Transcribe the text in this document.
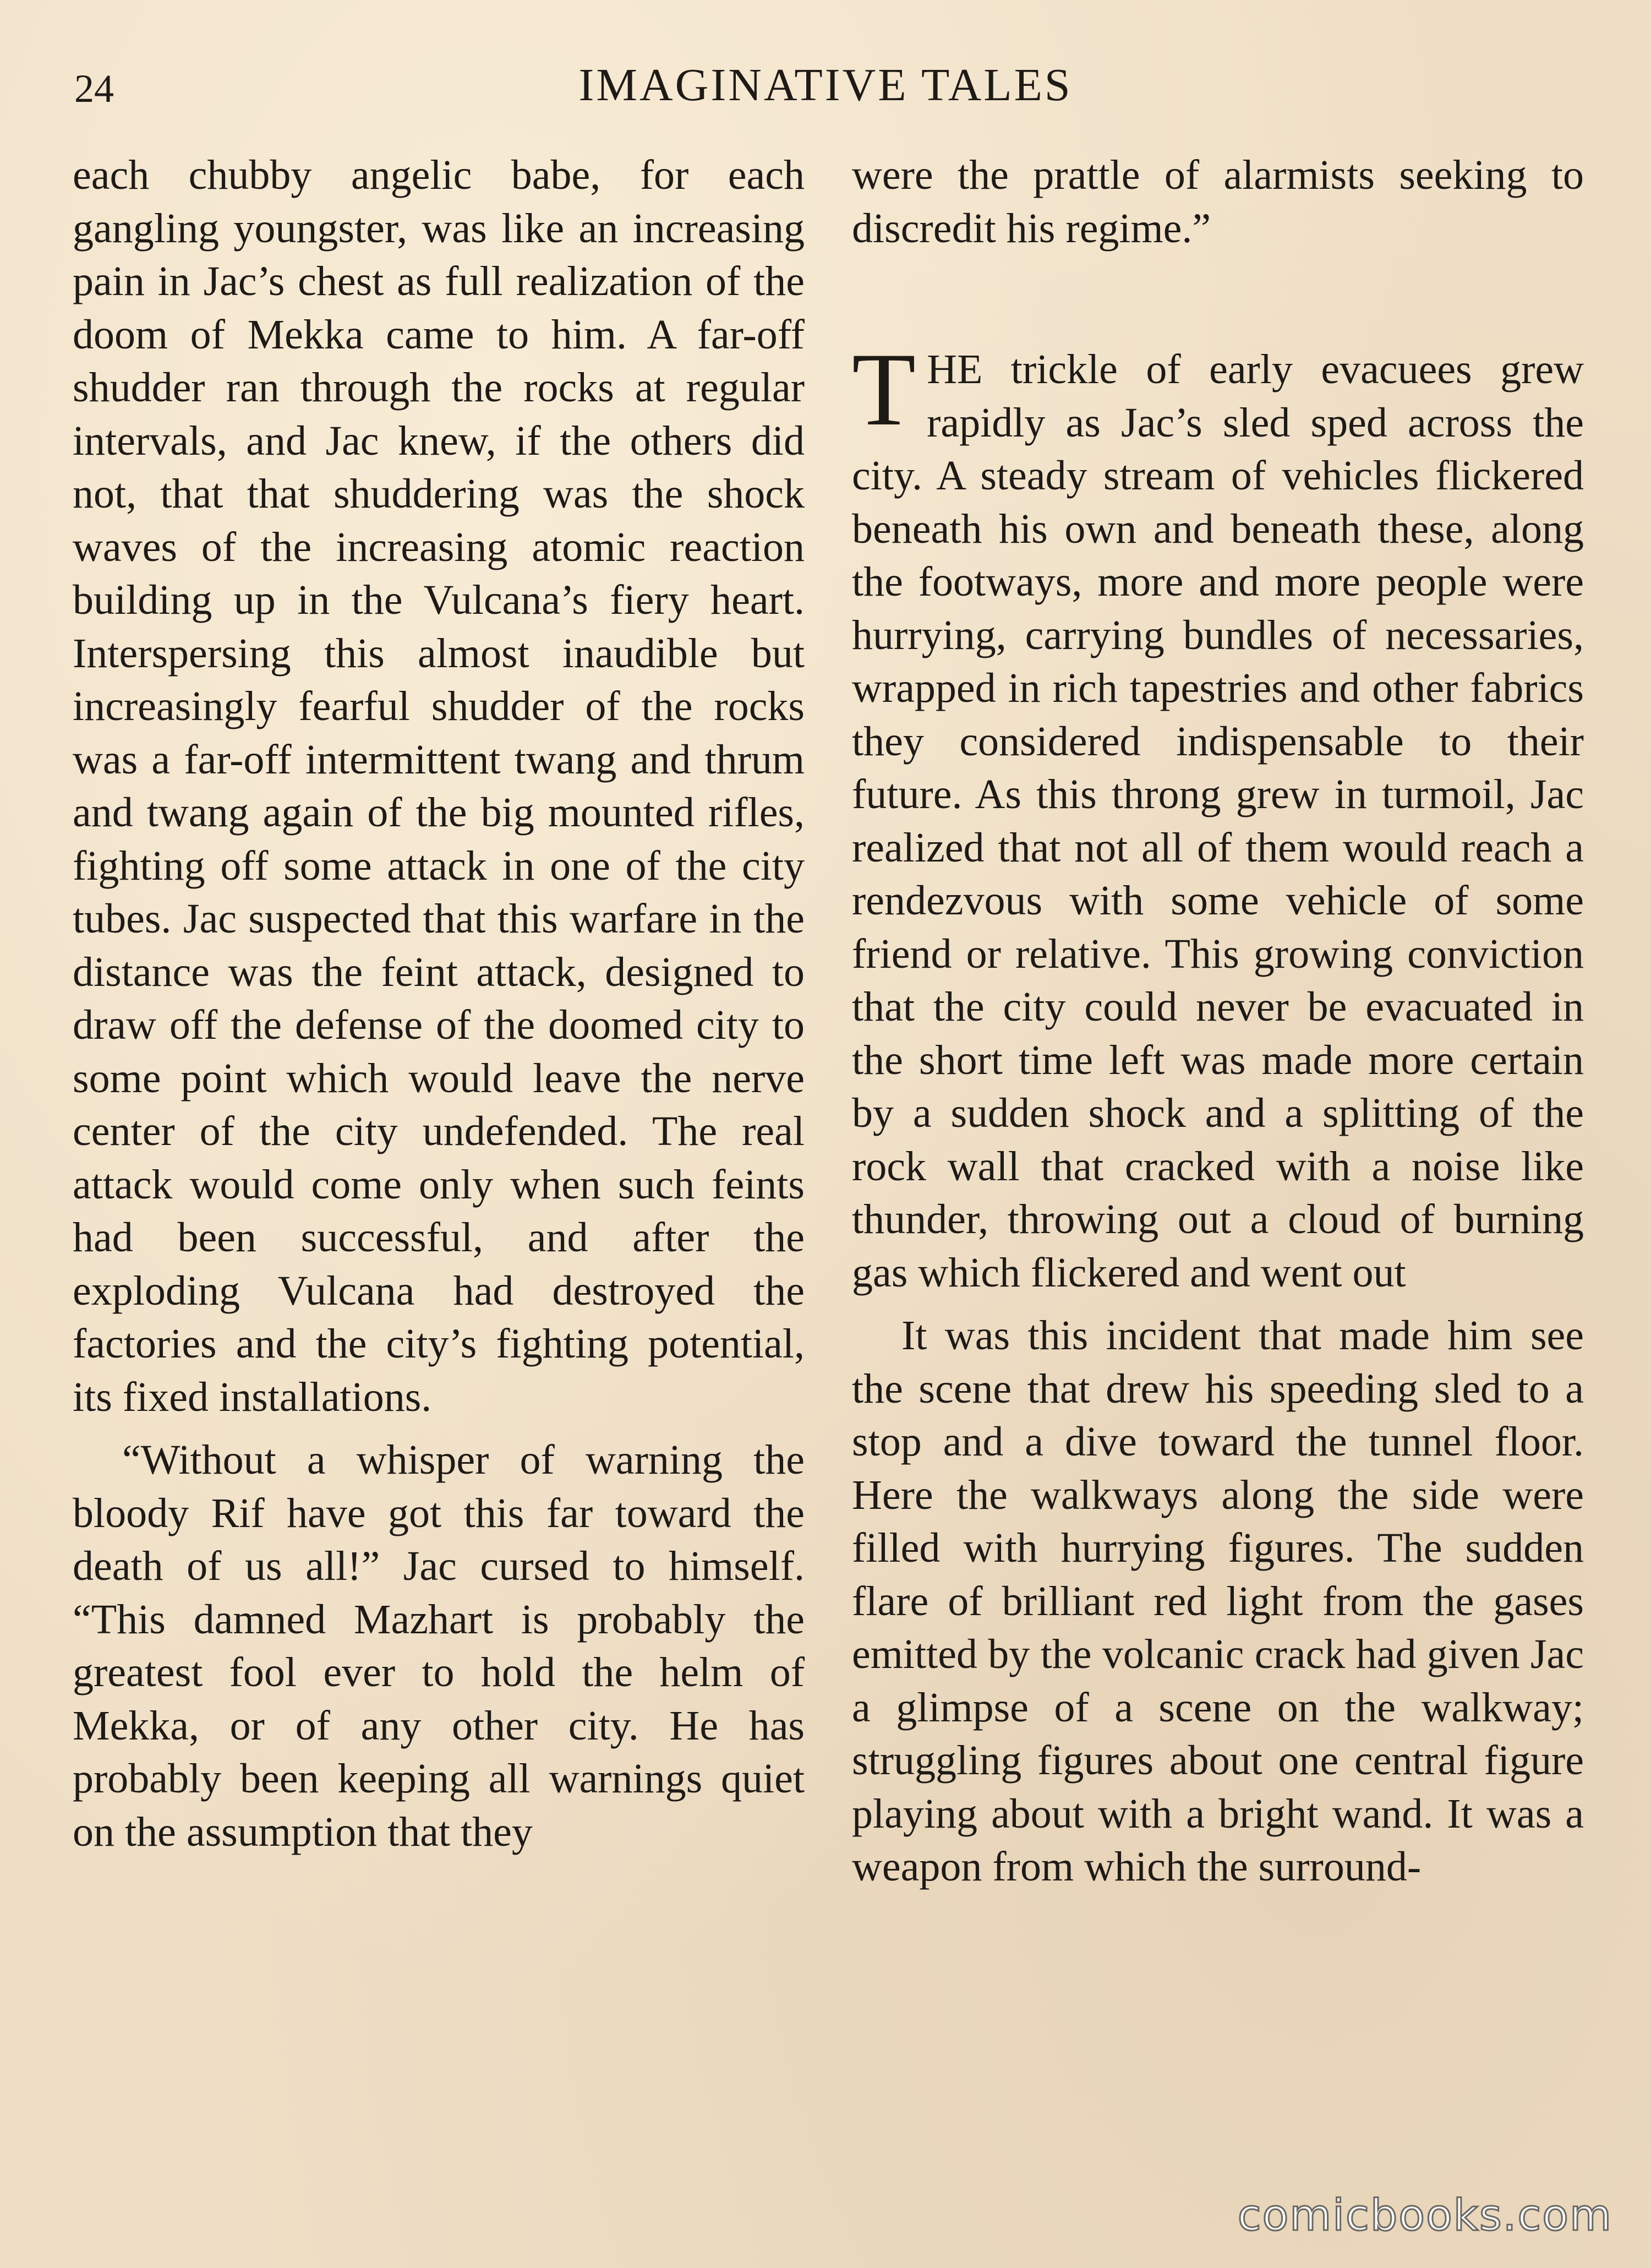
24	IMAGINATIVE TALES

each chubby angelic babe, for each gangling youngster, was like an increasing pain in Jac’s chest as full realization of the doom of Mekka came to him. A far-off shudder ran through the rocks at regular intervals, and Jac knew, if the others did not, that that shuddering was the shock waves of the increasing atomic reaction building up in the Vulcana’s fiery heart. Interspersing this almost inaudible but increasingly fearful shudder of the rocks was a far-off intermittent twang and thrum and twang again of the big mounted rifles, fighting off some attack in one of the city tubes. Jac suspected that this warfare in the distance was the feint attack, designed to draw off the defense of the doomed city to some point which would leave the nerve center of the city undefended. The real attack would come only when such feints had been successful, and after the exploding Vulcana had destroyed the factories and the city’s fighting potential, its fixed installations.

“Without a whisper of warning the bloody Rif have got this far toward the death of us all!” Jac cursed to himself. “This damned Mazhart is probably the greatest fool ever to hold the helm of Mekka, or of any other city. He has probably been keeping all warnings quiet on the assumption that they

were the prattle of alarmists seeking to discredit his regime.”

THE trickle of early evacuees grew rapidly as Jac’s sled sped across the city. A steady stream of vehicles flickered beneath his own and beneath these, along the footways, more and more people were hurrying, carrying bundles of necessaries, wrapped in rich tapestries and other fabrics they considered indispensable to their future. As this throng grew in turmoil, Jac realized that not all of them would reach a rendezvous with some vehicle of some friend or relative. This growing conviction that the city could never be evacuated in the short time left was made more certain by a sudden shock and a splitting of the rock wall that cracked with a noise like thunder, throwing out a cloud of burning gas which flickered and went out

It was this incident that made him see the scene that drew his speeding sled to a stop and a dive toward the tunnel floor. Here the walkways along the side were filled with hurrying figures. The sudden flare of brilliant red light from the gases emitted by the volcanic crack had given Jac a glimpse of a scene on the walkway; struggling figures about one central figure playing about with a bright wand. It was a weapon from which the surround-

comicbooks.com
